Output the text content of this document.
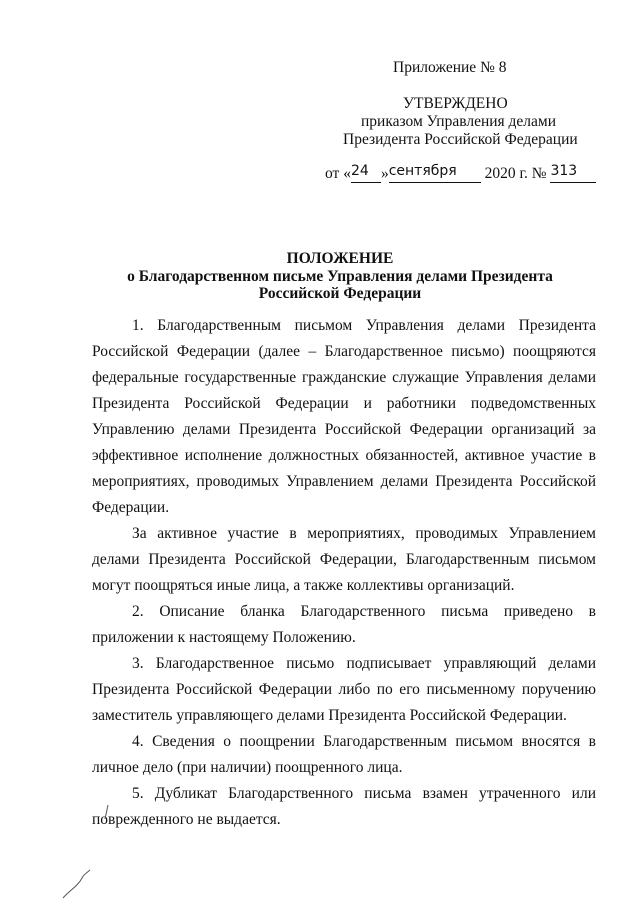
Приложение № 8
УТВЕРЖДЕНО
приказом Управления делами
Президента Российской Федерации
от «24 »сентября 2020 г. № 313
ПОЛОЖЕНИЕ
о Благодарственном письме Управления делами Президента
Российской Федерации

1. Благодарственным письмом Управления делами Президента Российской Федерации (далее – Благодарственное письмо) поощряются федеральные государственные гражданские служащие Управления делами Президента Российской Федерации и работники подведомственных Управлению делами Президента Российской Федерации организаций за эффективное исполнение должностных обязанностей, активное участие в мероприятиях, проводимых Управлением делами Президента Российской Федерации.

За активное участие в мероприятиях, проводимых Управлением делами Президента Российской Федерации, Благодарственным письмом могут поощряться иные лица, а также коллективы организаций.

2. Описание бланка Благодарственного письма приведено в приложении к настоящему Положению.

3. Благодарственное письмо подписывает управляющий делами Президента Российской Федерации либо по его письменному поручению заместитель управляющего делами Президента Российской Федерации.

4. Сведения о поощрении Благодарственным письмом вносятся в личное дело (при наличии) поощренного лица.

5. Дубликат Благодарственного письма взамен утраченного или поврежденного не выдается.
